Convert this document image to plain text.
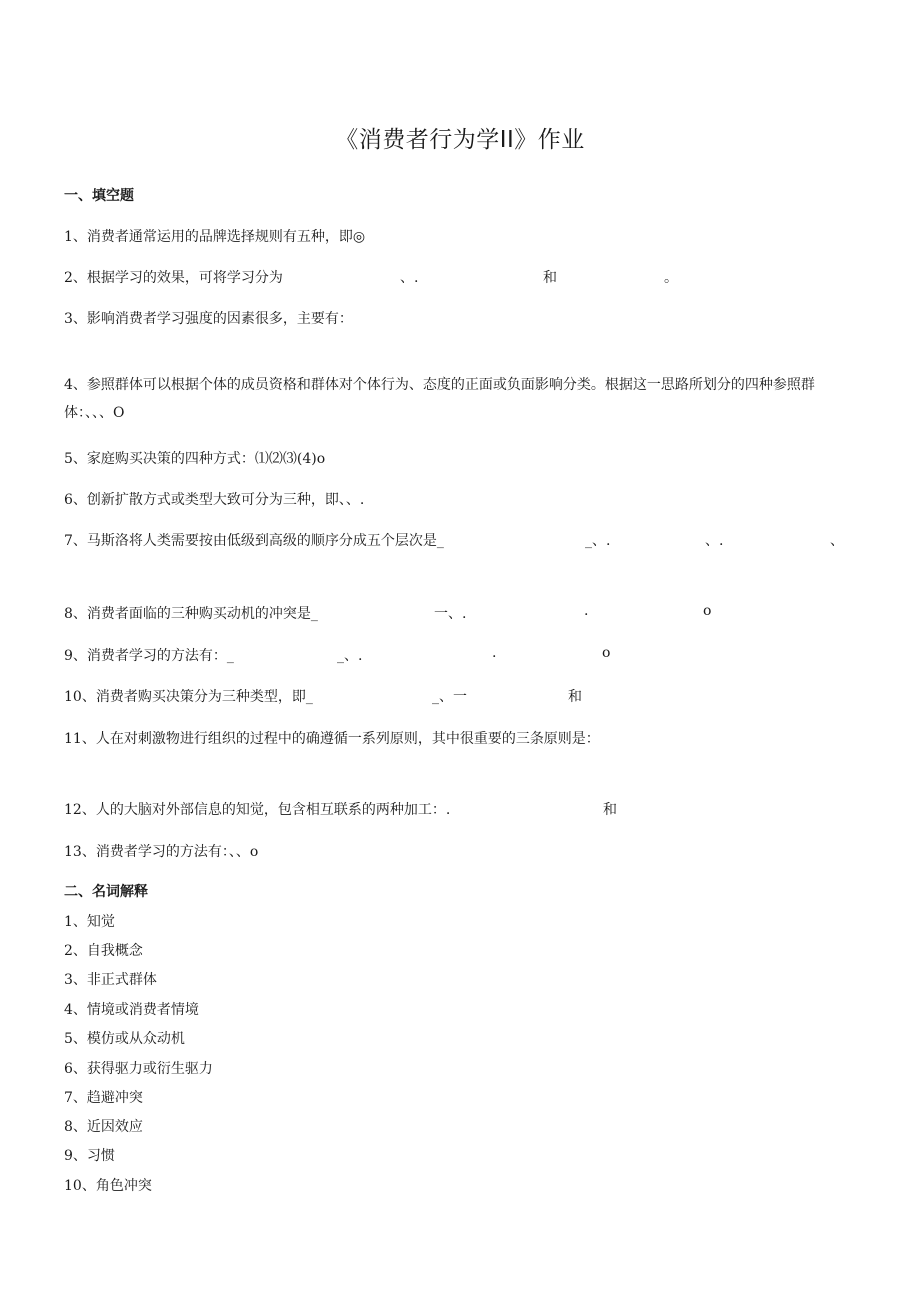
《消费者行为学II》作业
一、填空题
1、消费者通常运用的品牌选择规则有五种，即◎
2、根据学习的效果，可将学习分为	、.	和	。
3、影响消费者学习强度的因素很多，主要有：
4、参照群体可以根据个体的成员资格和群体对个体行为、态度的正面或负面影响分类。根据这一思路所划分的四种参照群体：、、、O
5、家庭购买决策的四种方式：⑴⑵⑶(4)o
6、创新扩散方式或类型大致可分为三种，即、、.
7、马斯洛将人类需要按由低级到高级的顺序分成五个层次是_	_、.	、.	、
8、消费者面临的三种购买动机的冲突是_	一、.	.	o
9、消费者学习的方法有：_	_、.	.	o
10、消费者购买决策分为三种类型，即_	_、一	和
11、人在对刺激物进行组织的过程中的确遵循一系列原则，其中很重要的三条原则是：
12、人的大脑对外部信息的知觉，包含相互联系的两种加工：.	和
13、消费者学习的方法有：、、o
二、名词解释
1、知觉
2、自我概念
3、非正式群体
4、情境或消费者情境
5、模仿或从众动机
6、获得驱力或衍生驱力
7、趋避冲突
8、近因效应
9、习惯
10、角色冲突
